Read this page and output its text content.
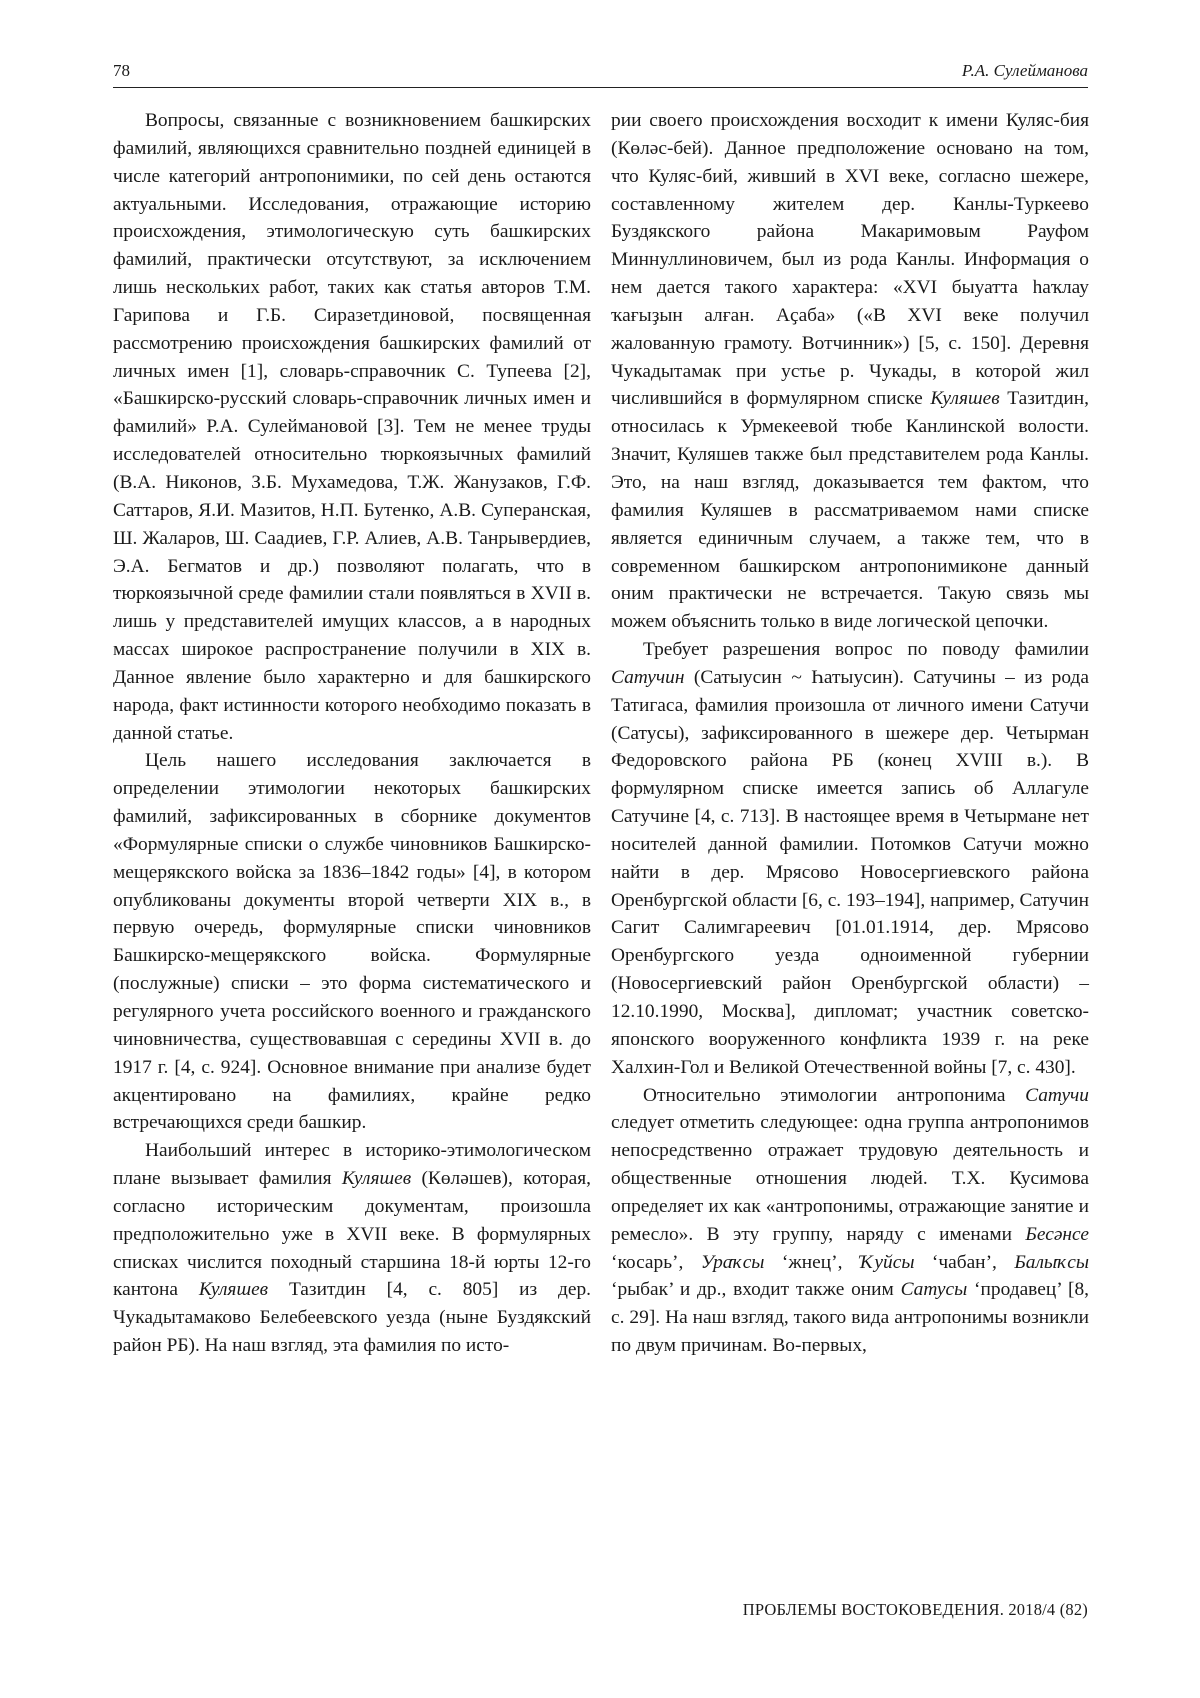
78	Р.А. Сулейманова

Вопросы, связанные с возникновением башкирских фамилий, являющихся сравнительно поздней единицей в числе категорий антропонимики, по сей день остаются актуальными. Исследования, отражающие историю происхождения, этимологическую суть башкирских фамилий, практически отсутствуют, за исключением лишь нескольких работ, таких как статья авторов Т.М. Гарипова и Г.Б. Сиразетдиновой, посвященная рассмотрению происхождения башкирских фамилий от личных имен [1], словарь-справочник С. Тупеева [2], «Башкирско-русский словарь-справочник личных имен и фамилий» Р.А. Сулеймановой [3]. Тем не менее труды исследователей относительно тюркоязычных фамилий (В.А. Никонов, З.Б. Мухамедова, Т.Ж. Жанузаков, Г.Ф. Саттаров, Я.И. Мазитов, Н.П. Бутенко, А.В. Суперанская, Ш. Жаларов, Ш. Саадиев, Г.Р. Алиев, А.В. Танрывердиев, Э.А. Бегматов и др.) позволяют полагать, что в тюркоязычной среде фамилии стали появляться в XVII в. лишь у представителей имущих классов, а в народных массах широкое распространение получили в XIX в. Данное явление было характерно и для башкирского народа, факт истинности которого необходимо показать в данной статье.

Цель нашего исследования заключается в определении этимологии некоторых башкирских фамилий, зафиксированных в сборнике документов «Формулярные списки о службе чиновников Башкирско-мещерякского войска за 1836–1842 годы» [4], в котором опубликованы документы второй четверти XIX в., в первую очередь, формулярные списки чиновников Башкирско-мещерякского войска. Формулярные (послужные) списки – это форма систематического и регулярного учета российского военного и гражданского чиновничества, существовавшая с середины XVII в. до 1917 г. [4, с. 924]. Основное внимание при анализе будет акцентировано на фамилиях, крайне редко встречающихся среди башкир.

Наибольший интерес в историко-этимологическом плане вызывает фамилия Куляшев (Көләшев), которая, согласно историческим документам, произошла предположительно уже в XVII веке. В формулярных списках числится походный старшина 18-й юрты 12-го кантона Куляшев Тазитдин [4, с. 805] из дер. Чукадытамаково Белебеевского уезда (ныне Буздякский район РБ). На наш взгляд, эта фамилия по исто-

рии своего происхождения восходит к имени Куляс-бия (Көләс-бей). Данное предположение основано на том, что Куляс-бий, живший в XVI веке, согласно шежере, составленному жителем дер. Канлы-Туркеево Буздякского района Макаримовым Рауфом Миннуллиновичем, был из рода Канлы. Информация о нем дается такого характера: «XVI быуатта һаҡлау ҡағыҙын алған. Аҫаба» («В XVI веке получил жалованную грамоту. Вотчинник») [5, с. 150]. Деревня Чукадытамак при устье р. Чукады, в которой жил числившийся в формулярном списке Куляшев Тазитдин, относилась к Урмекеевой тюбе Канлинской волости. Значит, Куляшев также был представителем рода Канлы. Это, на наш взгляд, доказывается тем фактом, что фамилия Куляшев в рассматриваемом нами списке является единичным случаем, а также тем, что в современном башкирском антропонимиконе данный оним практически не встречается. Такую связь мы можем объяснить только в виде логической цепочки.

Требует разрешения вопрос по поводу фамилии Сатучин (Сатыусин ~ Һатыусин). Сатучины – из рода Татигаса, фамилия произошла от личного имени Сатучи (Сатусы), зафиксированного в шежере дер. Четырман Федоровского района РБ (конец XVIII в.). В формулярном списке имеется запись об Аллагуле Сатучине [4, с. 713]. В настоящее время в Четырмане нет носителей данной фамилии. Потомков Сатучи можно найти в дер. Мрясово Новосергиевского района Оренбургской области [6, с. 193–194], например, Сатучин Сагит Салимгареевич [01.01.1914, дер. Мрясово Оренбургского уезда одноименной губернии (Новосергиевский район Оренбургской области) – 12.10.1990, Москва], дипломат; участник советско-японского вооруженного конфликта 1939 г. на реке Халхин-Гол и Великой Отечественной войны [7, с. 430].

Относительно этимологии антропонима Сатучи следует отметить следующее: одна группа антропонимов непосредственно отражает трудовую деятельность и общественные отношения людей. Т.Х. Кусимова определяет их как «антропонимы, отражающие занятие и ремесло». В эту группу, наряду с именами Бесәнсе ‘косарь’, Ураҡсы ‘жнец’, Ҡуйсы ‘чабан’, Балыҡсы ‘рыбак’ и др., входит также оним Сатусы ‘продавец’ [8, с. 29]. На наш взгляд, такого вида антропонимы возникли по двум причинам. Во-первых,

ПРОБЛЕМЫ ВОСТОКОВЕДЕНИЯ. 2018/4 (82)
